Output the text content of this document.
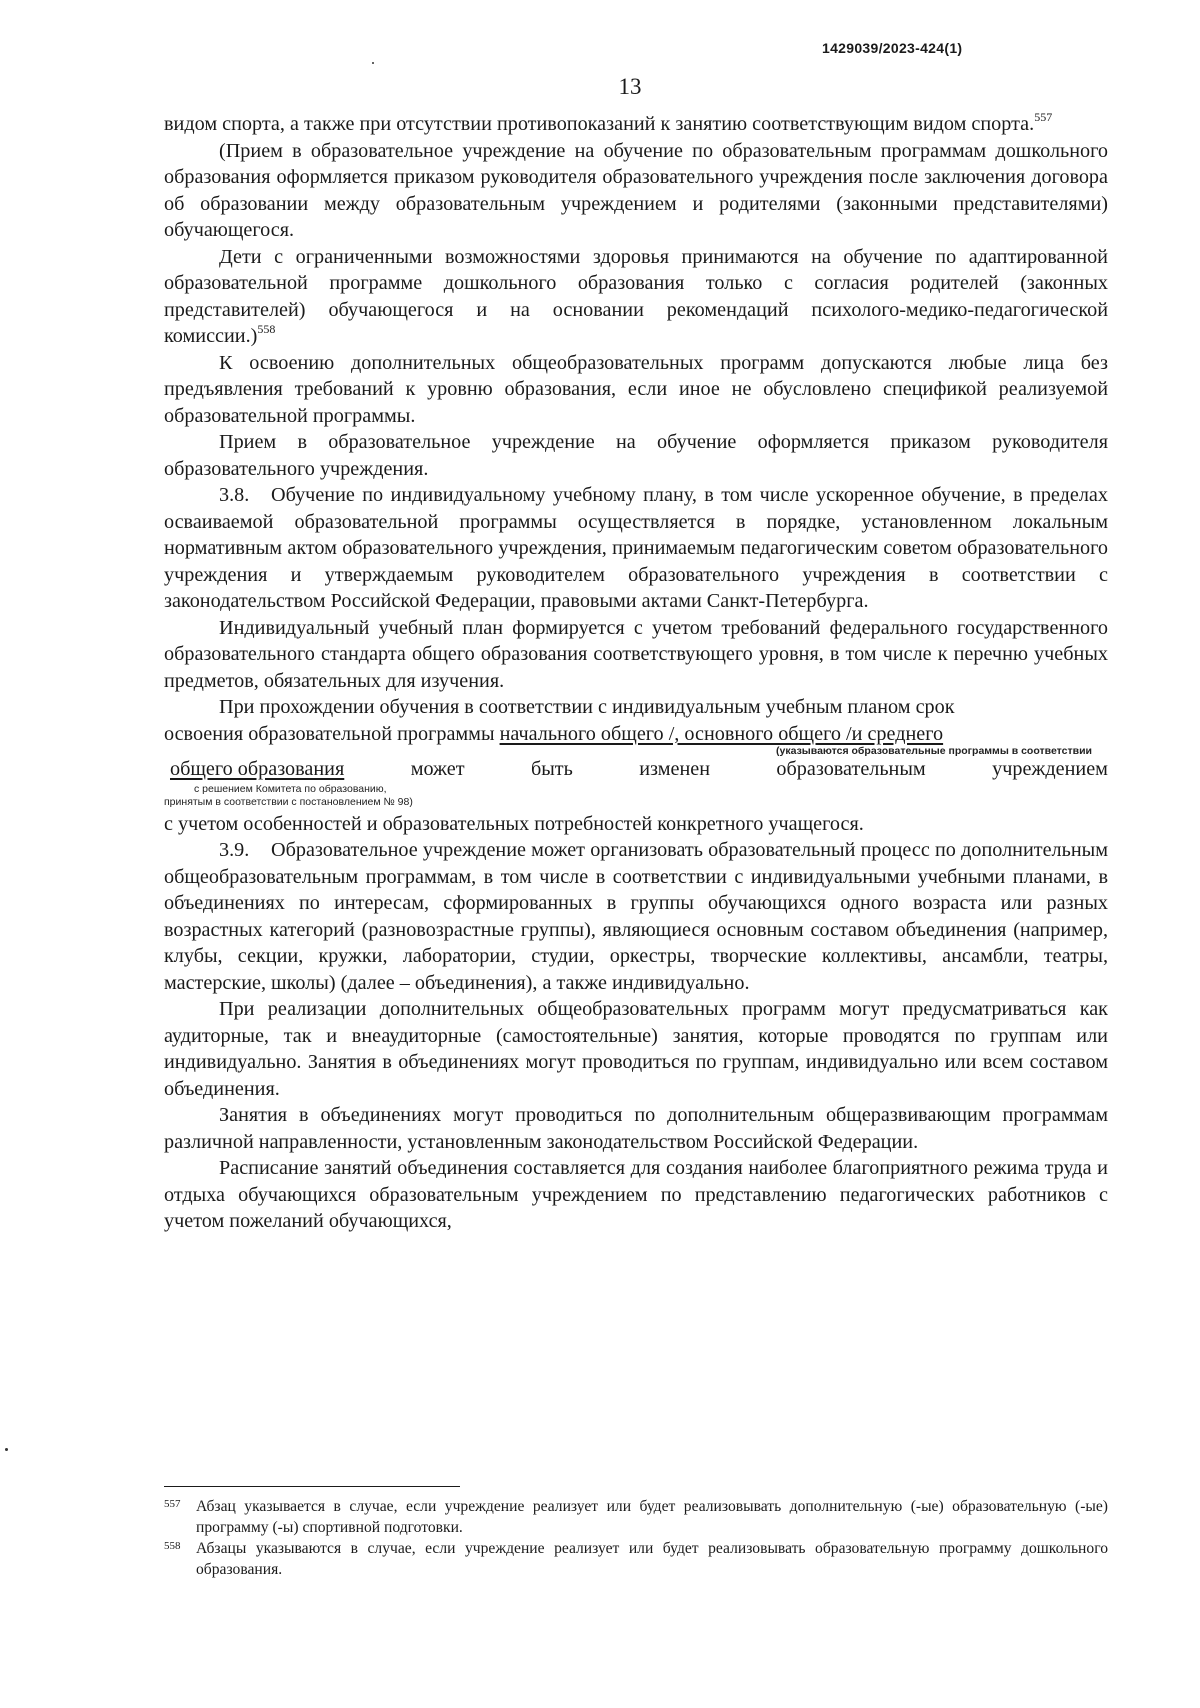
1429039/2023-424(1)
13

видом спорта, а также при отсутствии противопоказаний к занятию соответствующим видом спорта.$^{557}$

(Прием в образовательное учреждение на обучение по образовательным программам дошкольного образования оформляется приказом руководителя образовательного учреждения после заключения договора об образовании между образовательным учреждением и родителями (законными представителями) обучающегося.

Дети с ограниченными возможностями здоровья принимаются на обучение по адаптированной образовательной программе дошкольного образования только с согласия родителей (законных представителей) обучающегося и на основании рекомендаций психолого-медико-педагогической комиссии.)$^{558}$

К освоению дополнительных общеобразовательных программ допускаются любые лица без предъявления требований к уровню образования, если иное не обусловлено спецификой реализуемой образовательной программы.

Прием в образовательное учреждение на обучение оформляется приказом руководителя образовательного учреждения.

3.8. Обучение по индивидуальному учебному плану, в том числе ускоренное обучение, в пределах осваиваемой образовательной программы осуществляется в порядке, установленном локальным нормативным актом образовательного учреждения, принимаемым педагогическим советом образовательного учреждения и утверждаемым руководителем образовательного учреждения в соответствии с законодательством Российской Федерации, правовыми актами Санкт-Петербурга.

Индивидуальный учебный план формируется с учетом требований федерального государственного образовательного стандарта общего образования соответствующего уровня, в том числе к перечню учебных предметов, обязательных для изучения.

При прохождении обучения в соответствии с индивидуальным учебным планом срок

освоения образовательной программы начального общего /, основного общего /и среднего

(указываются образовательные программы в соответствии
общего образования	может	быть	изменен	образовательным	учреждением
с решением Комитета по образованию,
принятым в соответствии с постановлением № 98)

с учетом особенностей и образовательных потребностей конкретного учащегося.

3.9. Образовательное учреждение может организовать образовательный процесс по дополнительным общеобразовательным программам, в том числе в соответствии с индивидуальными учебными планами, в объединениях по интересам, сформированных в группы обучающихся одного возраста или разных возрастных категорий (разновозрастные группы), являющиеся основным составом объединения (например, клубы, секции, кружки, лаборатории, студии, оркестры, творческие коллективы, ансамбли, театры, мастерские, школы) (далее – объединения), а также индивидуально.

При реализации дополнительных общеобразовательных программ могут предусматриваться как аудиторные, так и внеаудиторные (самостоятельные) занятия, которые проводятся по группам или индивидуально. Занятия в объединениях могут проводиться по группам, индивидуально или всем составом объединения.

Занятия в объединениях могут проводиться по дополнительным общеразвивающим программам различной направленности, установленным законодательством Российской Федерации.

Расписание занятий объединения составляется для создания наиболее благоприятного режима труда и отдыха обучающихся образовательным учреждением по представлению педагогических работников с учетом пожеланий обучающихся,

557 Абзац указывается в случае, если учреждение реализует или будет реализовывать дополнительную (-ые) образовательную (-ые) программу (-ы) спортивной подготовки.
558 Абзацы указываются в случае, если учреждение реализует или будет реализовывать образовательную программу дошкольного образования.
